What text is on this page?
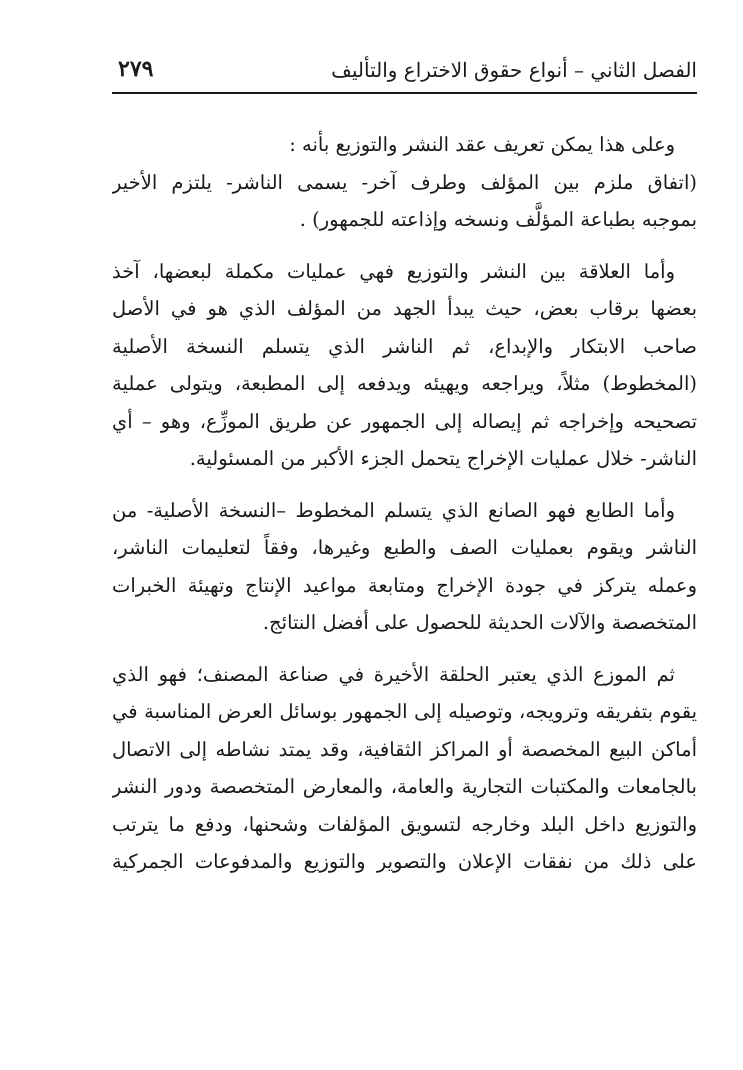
الفصل الثاني – أنواع حقوق الاختراع والتأليف
٢٧٩
وعلى هذا يمكن تعريف عقد النشر والتوزيع بأنه :
(اتفاق ملزم بين المؤلف وطرف آخر- يسمى الناشر- يلتزم الأخير
بموجبه بطباعة المؤلَّف ونسخه وإذاعته للجمهور) .
وأما العلاقة بين النشر والتوزيع فهي عمليات مكملة لبعضها، آخذ
بعضها برقاب بعض، حيث يبدأ الجهد من المؤلف الذي هو في الأصل
صاحب الابتكار والإبداع، ثم الناشر الذي يتسلم النسخة الأصلية
(المخطوط) مثلاً، ويراجعه ويهيئه ويدفعه إلى المطبعة، ويتولى عملية
تصحيحه وإخراجه ثم إيصاله إلى الجمهور عن طريق الموزِّع، وهو – أي
الناشر- خلال عمليات الإخراج يتحمل الجزء الأكبر من المسئولية.
وأما الطابع فهو الصانع الذي يتسلم المخطوط –النسخة الأصلية- من
الناشر ويقوم بعمليات الصف والطبع وغيرها، وفقاً لتعليمات الناشر،
وعمله يتركز في جودة الإخراج ومتابعة مواعيد الإنتاج وتهيئة الخبرات
المتخصصة والآلات الحديثة للحصول على أفضل النتائج.
ثم الموزع الذي يعتبر الحلقة الأخيرة في صناعة المصنف؛ فهو الذي
يقوم بتفريقه وترويجه، وتوصيله إلى الجمهور بوسائل العرض المناسبة في
أماكن البيع المخصصة أو المراكز الثقافية، وقد يمتد نشاطه إلى الاتصال
بالجامعات والمكتبات التجارية والعامة، والمعارض المتخصصة ودور النشر
والتوزيع داخل البلد وخارجه لتسويق المؤلفات وشحنها، ودفع ما يترتب
على ذلك من نفقات الإعلان والتصوير والتوزيع والمدفوعات الجمركية
